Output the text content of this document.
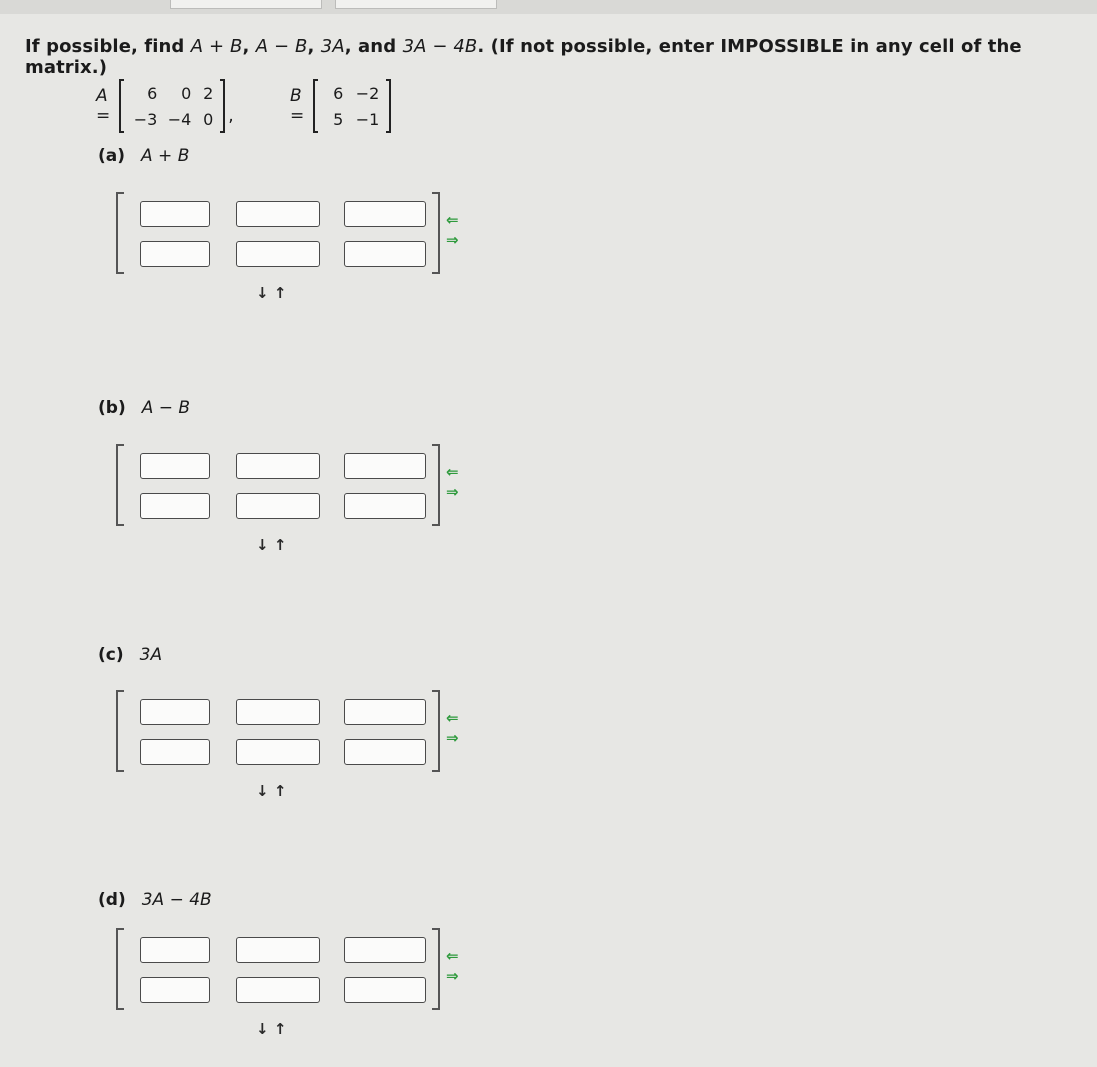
If possible, find A + B, A − B, 3A, and 3A − 4B. (If not possible, enter IMPOSSIBLE in any cell of the matrix.)
A =
6	0 2
−3 −4 0 ,
B =
6 −2
5 −1
(a) A + B
⇐
⇒
↓ ↑
(b) A − B
⇐
⇒
↓ ↑
(c) 3A
⇐
⇒
↓ ↑
(d) 3A − 4B
⇐
⇒
↓ ↑
